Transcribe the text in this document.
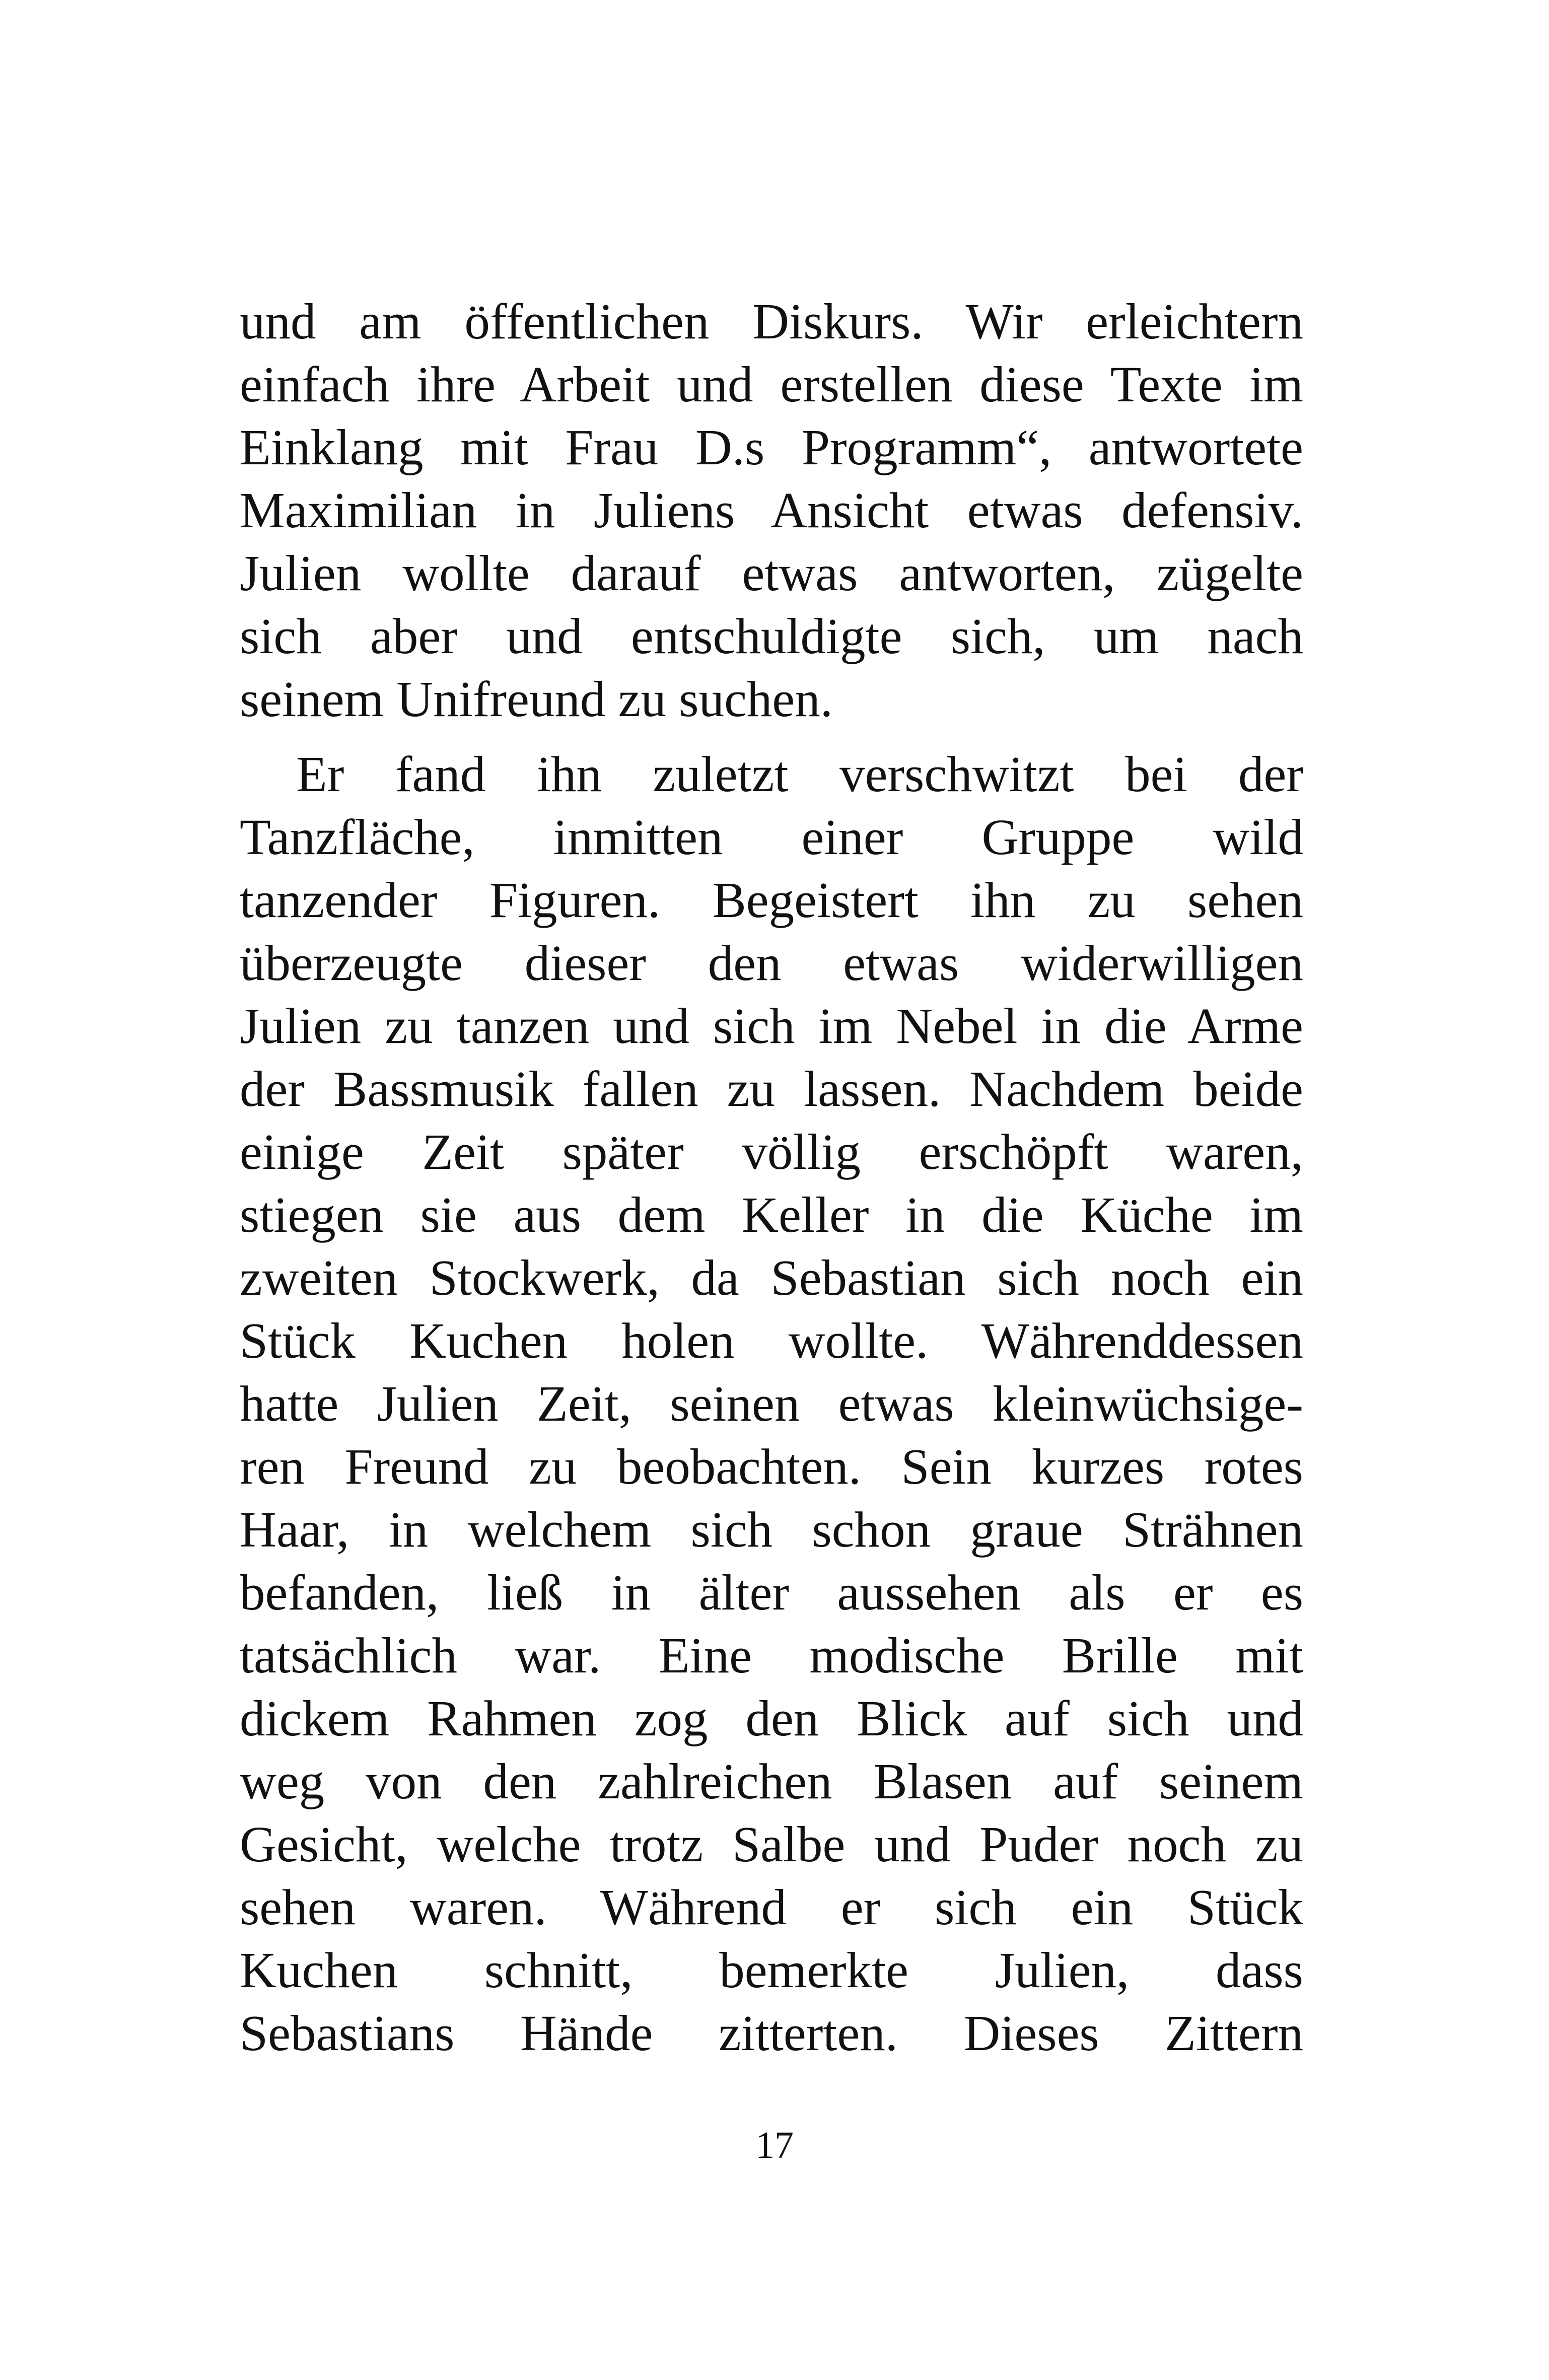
und am öffentlichen Diskurs. Wir erleichtern
einfach ihre Arbeit und erstellen diese Texte im
Einklang mit Frau D.s Programm“, antwortete
Maximilian in Juliens Ansicht etwas defensiv.
Julien wollte darauf etwas antworten, zügelte
sich aber und entschuldigte sich, um nach
seinem Unifreund zu suchen.
Er fand ihn zuletzt verschwitzt bei der
Tanzfläche, inmitten einer Gruppe wild
tanzender Figuren. Begeistert ihn zu sehen
überzeugte dieser den etwas widerwilligen
Julien zu tanzen und sich im Nebel in die Arme
der Bassmusik fallen zu lassen. Nachdem beide
einige Zeit später völlig erschöpft waren,
stiegen sie aus dem Keller in die Küche im
zweiten Stockwerk, da Sebastian sich noch ein
Stück Kuchen holen wollte. Währenddessen
hatte Julien Zeit, seinen etwas kleinwüchsige-
ren Freund zu beobachten. Sein kurzes rotes
Haar, in welchem sich schon graue Strähnen
befanden, ließ in älter aussehen als er es
tatsächlich war. Eine modische Brille mit
dickem Rahmen zog den Blick auf sich und
weg von den zahlreichen Blasen auf seinem
Gesicht, welche trotz Salbe und Puder noch zu
sehen waren. Während er sich ein Stück
Kuchen schnitt, bemerkte Julien, dass
Sebastians Hände zitterten. Dieses Zittern
17
